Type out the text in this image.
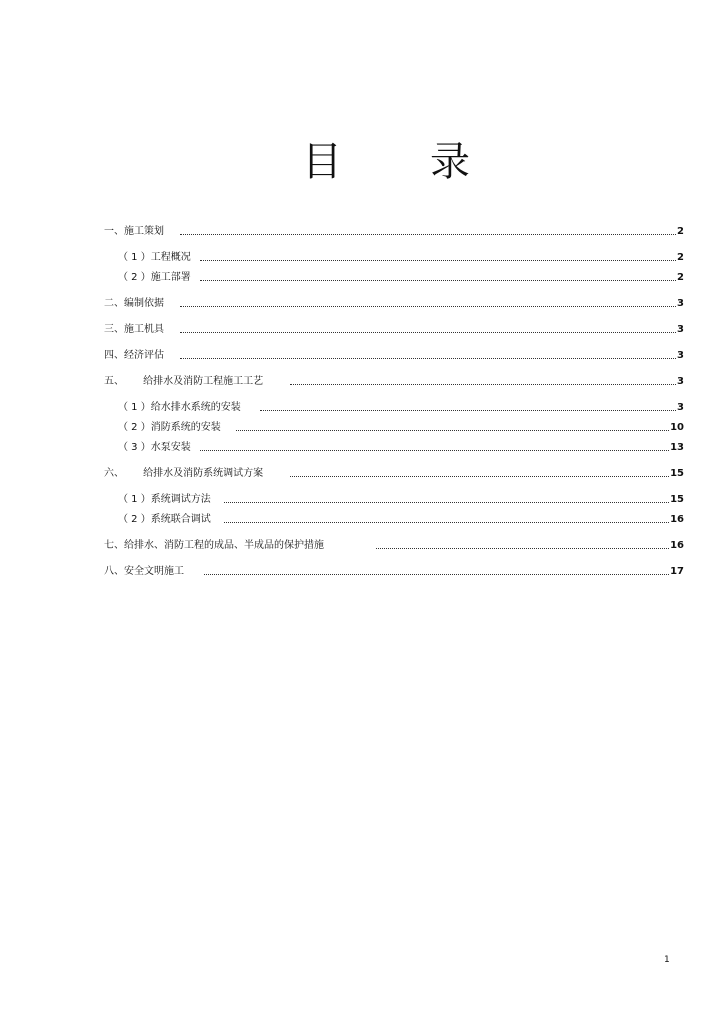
目 录
一、施工策划	2
（ 1 ）工程概况	2
（ 2 ）施工部署	2
二、编制依据	3
三、施工机具	3
四、经济评估	3
五、      给排水及消防工程施工工艺	3
（ 1 ）给水排水系统的安装	3
（ 2 ）消防系统的安装	10
（ 3 ）水泵安装	13
六、      给排水及消防系统调试方案	15
（ 1 ）系统调试方法	15
（ 2 ）系统联合调试	16
七、给排水、消防工程的成品、半成品的保护措施	16
八、安全文明施工	17
1
